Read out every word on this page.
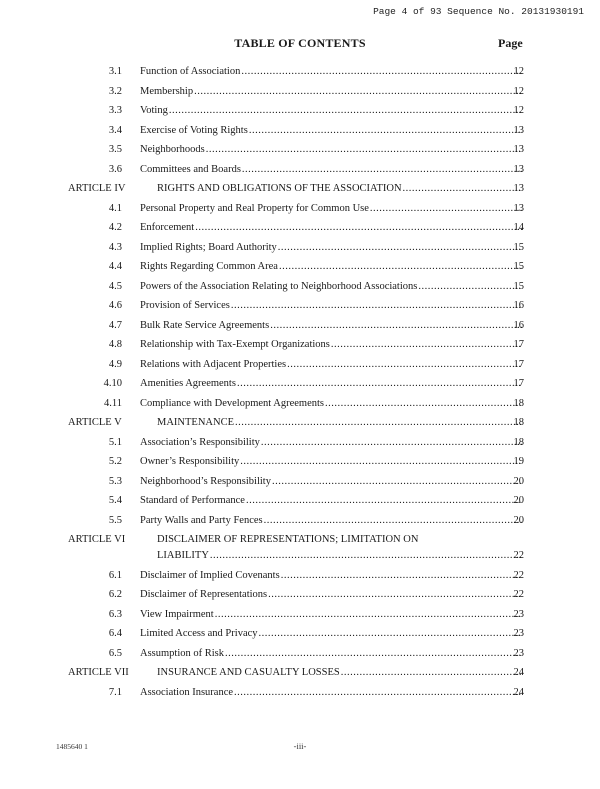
Page 4 of 93 Sequence No. 20131930191
TABLE OF CONTENTS	Page
3.1 Function of Association .....	12
3.2 Membership .....	12
3.3 Voting .....	12
3.4 Exercise of Voting Rights .....	13
3.5 Neighborhoods .....	13
3.6 Committees and Boards .....	13
ARTICLE IV	RIGHTS AND OBLIGATIONS OF THE ASSOCIATION .....	13
4.1 Personal Property and Real Property for Common Use .....	13
4.2 Enforcement .....	14
4.3 Implied Rights; Board Authority .....	15
4.4 Rights Regarding Common Area .....	15
4.5 Powers of the Association Relating to Neighborhood Associations .....	15
4.6 Provision of Services .....	16
4.7 Bulk Rate Service Agreements .....	16
4.8 Relationship with Tax-Exempt Organizations .....	17
4.9 Relations with Adjacent Properties .....	17
4.10 Amenities Agreements .....	17
4.11 Compliance with Development Agreements .....	18
ARTICLE V	MAINTENANCE .....	18
5.1 Association’s Responsibility .....	18
5.2 Owner’s Responsibility .....	19
5.3 Neighborhood’s Responsibility .....	20
5.4 Standard of Performance .....	20
5.5 Party Walls and Party Fences .....	20
ARTICLE VI	DISCLAIMER OF REPRESENTATIONS; LIMITATION ON
LIABILITY .....	22
6.1 Disclaimer of Implied Covenants .....	22
6.2 Disclaimer of Representations .....	22
6.3 View Impairment .....	23
6.4 Limited Access and Privacy .....	23
6.5 Assumption of Risk .....	23
ARTICLE VII	INSURANCE AND CASUALTY LOSSES .....	24
7.1 Association Insurance .....	24
1485640 1	-iii-
